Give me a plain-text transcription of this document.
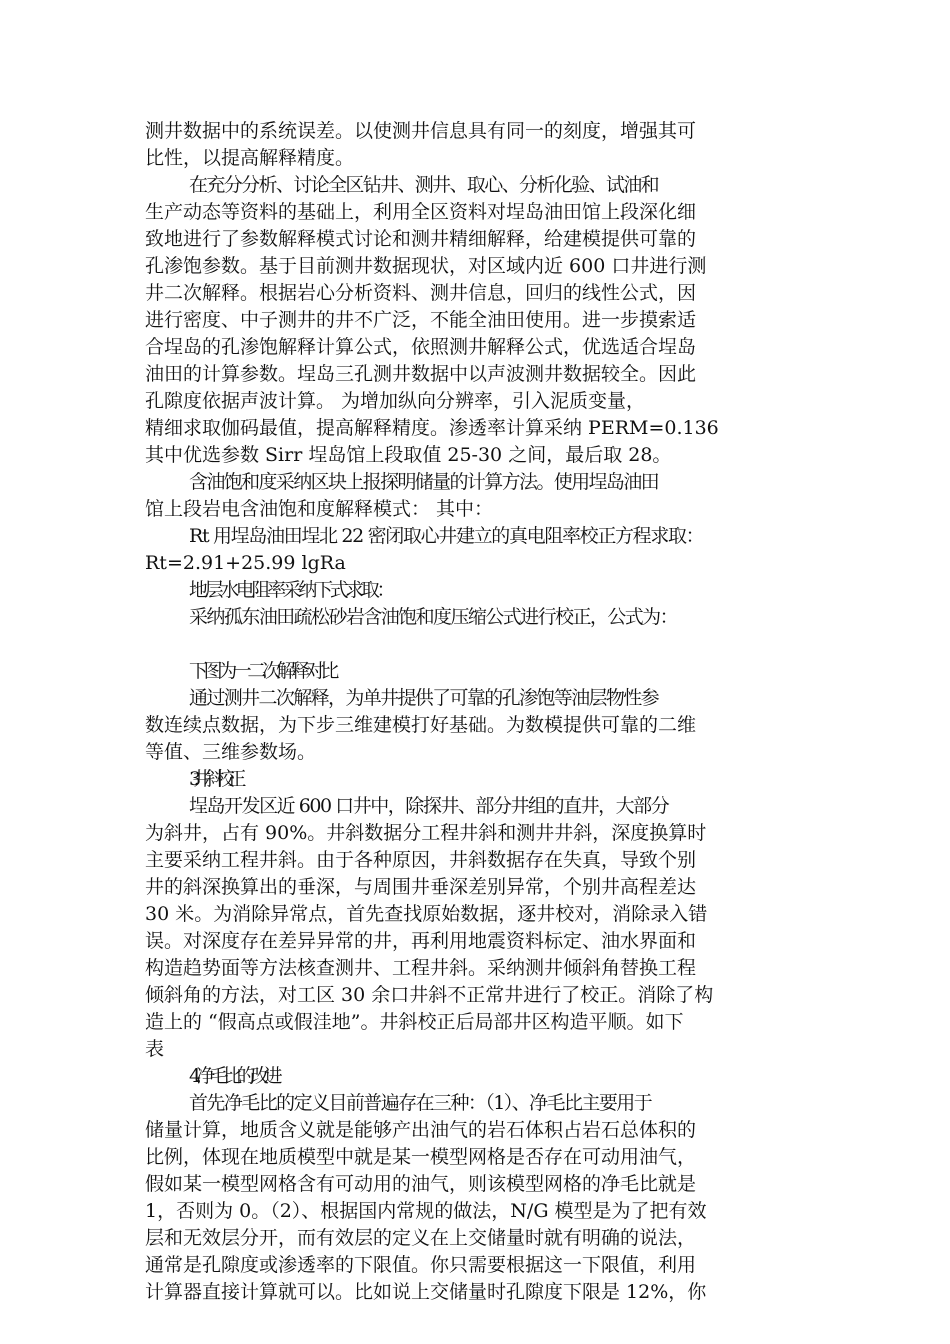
测井数据中的系统误差。以使测井信息具有同一的刻度，增强其可
比性，以提高解释精度。
在充分分析、讨论全区钻井、测井、取心、分析化验、试油和
生产动态等资料的基础上，利用全区资料对埕岛油田馆上段深化细
致地进行了参数解释模式讨论和测井精细解释，给建模提供可靠的
孔渗饱参数。基于目前测井数据现状，对区域内近 600 口井进行测
井二次解释。根据岩心分析资料、测井信息，回归的线性公式，因
进行密度、中子测井的井不广泛，不能全油田使用。进一步摸索适
合埕岛的孔渗饱解释计算公式，依照测井解释公式，优选适合埕岛
油田的计算参数。埕岛三孔测井数据中以声波测井数据较全。因此
孔隙度依据声波计算。 为增加纵向分辨率，引入泥质变量，
精细求取伽码最值，提高解释精度。渗透率计算采纳 PERM=0.136
其中优选参数 Sirr 埕岛馆上段取值 25-30 之间，最后取 28。
含油饱和度采纳区块上报探明储量的计算方法。使用埕岛油田
馆上段岩电含油饱和度解释模式： 其中：
Rt 用埕岛油田埕北 22 密闭取心井建立的真电阻率校正方程求取：
Rt=2.91+25.99 lgRa
地层水电阻率采纳下式求取：
采纳孤东油田疏松砂岩含油饱和度压缩公式进行校正，公式为：
下图为一二次解释对比
通过测井二次解释，为单井提供了可靠的孔渗饱等油层物性参
数连续点数据，为下步三维建模打好基础。为数模提供可靠的二维
等值、三维参数场。
3.井斜校正
埕岛开发区近 600 口井中，除探井、部分井组的直井，大部分
为斜井，占有 90%。井斜数据分工程井斜和测井井斜，深度换算时
主要采纳工程井斜。由于各种原因，井斜数据存在失真，导致个别
井的斜深换算出的垂深，与周围井垂深差别异常，个别井高程差达
30 米。为消除异常点，首先查找原始数据，逐井校对，消除录入错
误。对深度存在差异异常的井，再利用地震资料标定、油水界面和
构造趋势面等方法核查测井、工程井斜。采纳测井倾斜角替换工程
倾斜角的方法，对工区 30 余口井斜不正常井进行了校正。消除了构
造上的 “假高点或假洼地”。井斜校正后局部井区构造平顺。如下
表
4.净毛比的改进
首先净毛比的定义目前普遍存在三种：（1）、净毛比主要用于
储量计算，地质含义就是能够产出油气的岩石体积占岩石总体积的
比例，体现在地质模型中就是某一模型网格是否存在可动用油气，
假如某一模型网格含有可动用的油气，则该模型网格的净毛比就是
1，否则为 0。（2）、根据国内常规的做法，N/G 模型是为了把有效
层和无效层分开，而有效层的定义在上交储量时就有明确的说法，
通常是孔隙度或渗透率的下限值。你只需要根据这一下限值，利用
计算器直接计算就可以。比如说上交储量时孔隙度下限是 12%，你
